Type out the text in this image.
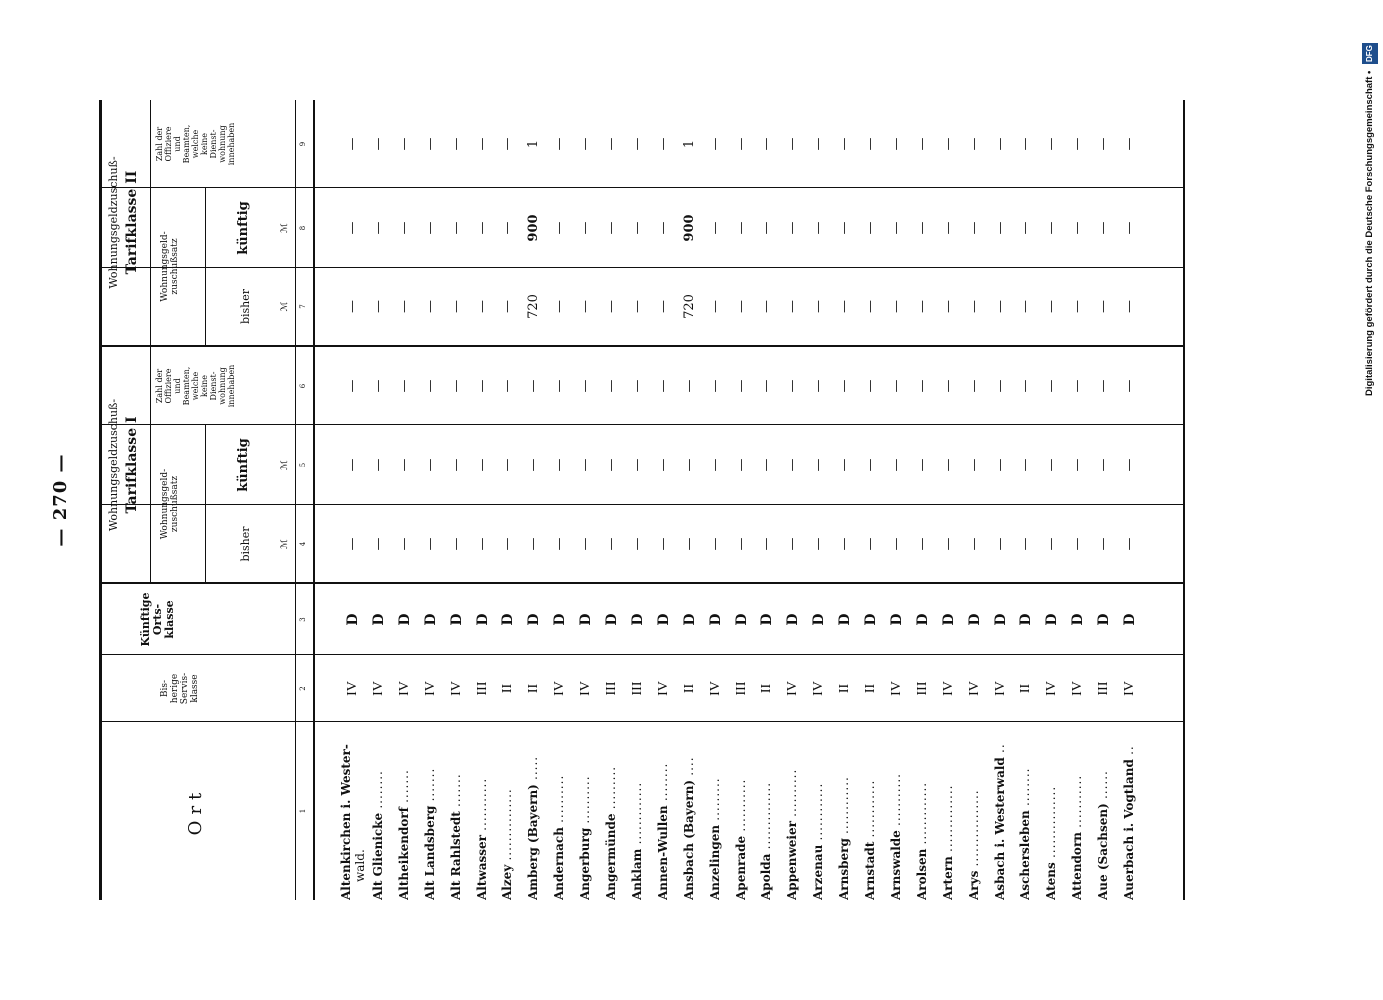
— 270 —
Ort
Bis-
herige
Servis-
klasse
Künftige
Orts-
klasse
Wohnungsgeldzuschuß- Tarifklasse I Wohnungsgeld-
zuschußsatz
bisher
künftig
Zahl der
Offiziere
und
Beamten,
welche
keine
Dienst-
wohnung
innehaben
Wohnungsgeldzuschuß- Tarifklasse II Wohnungsgeld-
zuschußsatz
bisher
künftig
Zahl der
Offiziere
und
Beamten,
welche
keine
Dienst-
wohnung
innehaben
ℳ
ℳ
ℳ
ℳ
1
2
3
4
5
6
7
8
9
Altenkirchen i. Wester- wald.
IV
D
—
—
—
—
—
—
Alt Glienicke ........
IV
D
—
—
—
—
—
—
Altheikendorf .......
IV
D
—
—
—
—
—
—
Alt Landsberg .......
IV
D
—
—
—
—
—
—
Alt Rahlstedt .......
IV
D
—
—
—
—
—
—
Altwasser ...........
III
D
—
—
—
—
—
—
Alzey ...............
II
D
—
—
—
—
—
—
Amberg (Bayern) .....
II
D
—
—
—
720
900
1
Andernach ..........
IV
D
—
—
—
—
—
—
Angerburg ..........
IV
D
—
—
—
—
—
—
Angermünde .........
III
D
—
—
—
—
—
—
Anklam .............
III
D
—
—
—
—
—
—
Annen-Wullen ........
IV
D
—
—
—
—
—
—
Ansbach (Bayern) ....
II
D
—
—
—
720
900
1
Anzelingen .........
IV
D
—
—
—
—
—
—
Apenrade ...........
III
D
—
—
—
—
—
—
Apolda ..............
II
D
—
—
—
—
—
—
Appenweier ..........
IV
D
—
—
—
—
—
—
Arzenau ............
IV
D
—
—
—
—
—
—
Arnsberg ............
II
D
—
—
—
—
—
—
Arnstadt ............
II
D
—
—
—
—
—
—
Arnswalde ...........
IV
D
—
—
—
—
—
—
Arolsen .............
III
D
—
—
—
—
—
—
Artern ..............
IV
D
—
—
—
—
—
—
Arys ................
IV
D
—
—
—
—
—
—
Asbach i. Westerwald ..
IV
D
—
—
—
—
—
—
Aschersleben ........
II
D
—
—
—
—
—
—
Atens ...............
IV
D
—
—
—
—
—
—
Attendorn ...........
IV
D
—
—
—
—
—
—
Aue (Sachsen) ......
III
D
—
—
—
—
—
—
Auerbach i. Vogtland ..
IV
D
—
—
—
—
—
—	Digitalisierung gefördert durch die Deutsche Forschungsgemeinschaft • DFG
